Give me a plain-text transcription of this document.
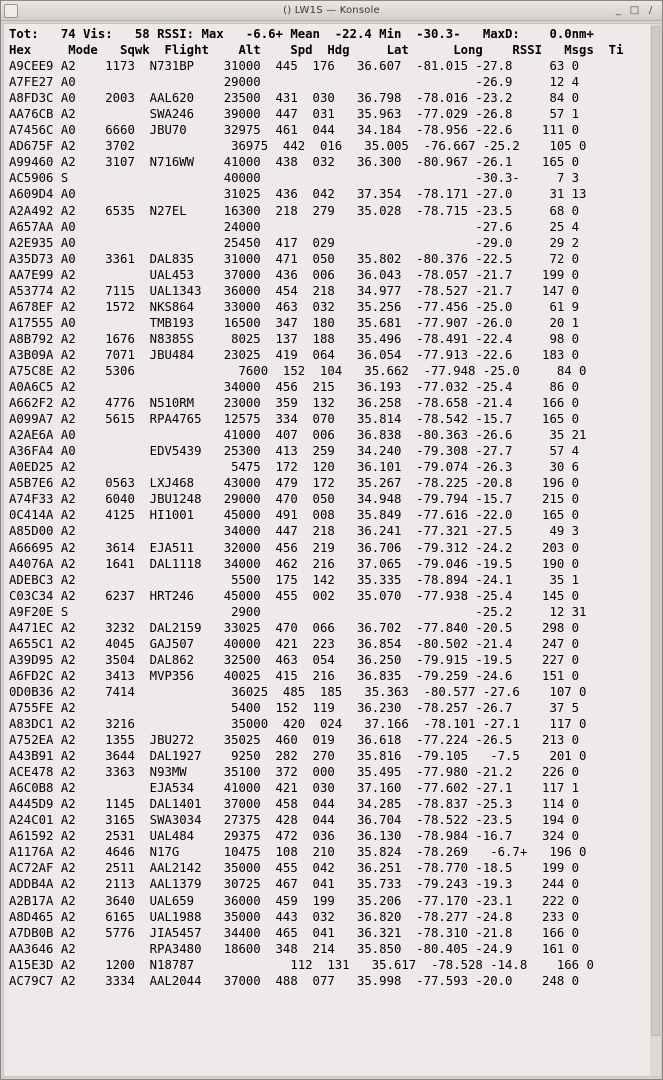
() LW1S — Konsole	_ □ /
Tot:   74 Vis:   58 RSSI: Max   -6.6+ Mean  -22.4 Min  -30.3-   MaxD:    0.0nm+
Hex     Mode   Sqwk  Flight    Alt    Spd  Hdg     Lat      Long    RSSI   Msgs  Ti
A9CEE9 A2    1173  N731BP    31000  445  176   36.607  -81.015 -27.8     63 0
A7FE27 A0                    29000                             -26.9     12 4
A8FD3C A0    2003  AAL620    23500  431  030   36.798  -78.016 -23.2     84 0
AA76CB A2          SWA246    39000  447  031   35.963  -77.029 -26.8     57 1
A7456C A0    6660  JBU70     32975  461  044   34.184  -78.956 -22.6    111 0
AD675F A2    3702             36975  442  016   35.005  -76.667 -25.2    105 0
A99460 A2    3107  N716WW    41000  438  032   36.300  -80.967 -26.1    165 0
AC5906 S                     40000                             -30.3-     7 3
A609D4 A0                    31025  436  042   37.354  -78.171 -27.0     31 13
A2A492 A2    6535  N27EL     16300  218  279   35.028  -78.715 -23.5     68 0
A657AA A0                    24000                             -27.6     25 4
A2E935 A0                    25450  417  029                   -29.0     29 2
A35D73 A0    3361  DAL835    31000  471  050   35.802  -80.376 -22.5     72 0
AA7E99 A2          UAL453    37000  436  006   36.043  -78.057 -21.7    199 0
A53774 A2    7115  UAL1343   36000  454  218   34.977  -78.527 -21.7    147 0
A678EF A2    1572  NKS864    33000  463  032   35.256  -77.456 -25.0     61 9
A17555 A0          TMB193    16500  347  180   35.681  -77.907 -26.0     20 1
A8B792 A2    1676  N8385S     8025  137  188   35.496  -78.491 -22.4     98 0
A3B09A A2    7071  JBU484    23025  419  064   36.054  -77.913 -22.6    183 0
A75C8E A2    5306              7600  152  104   35.662  -77.948 -25.0     84 0
A0A6C5 A2                    34000  456  215   36.193  -77.032 -25.4     86 0
A662F2 A2    4776  N510RM    23000  359  132   36.258  -78.658 -21.4    166 0
A099A7 A2    5615  RPA4765   12575  334  070   35.814  -78.542 -15.7    165 0
A2AE6A A0                    41000  407  006   36.838  -80.363 -26.6     35 21
A36FA4 A0          EDV5439   25300  413  259   34.240  -79.308 -27.7     57 4
A0ED25 A2                     5475  172  120   36.101  -79.074 -26.3     30 6
A5B7E6 A2    0563  LXJ468    43000  479  172   35.267  -78.225 -20.8    196 0
A74F33 A2    6040  JBU1248   29000  470  050   34.948  -79.794 -15.7    215 0
0C414A A2    4125  HI1001    45000  491  008   35.849  -77.616 -22.0    165 0
A85D00 A2                    34000  447  218   36.241  -77.321 -27.5     49 3
A66695 A2    3614  EJA511    32000  456  219   36.706  -79.312 -24.2    203 0
A4076A A2    1641  DAL1118   34000  462  216   37.065  -79.046 -19.5    190 0
ADEBC3 A2                     5500  175  142   35.335  -78.894 -24.1     35 1
C03C34 A2    6237  HRT246    45000  455  002   35.070  -77.938 -25.4    145 0
A9F20E S                      2900                             -25.2     12 31
A471EC A2    3232  DAL2159   33025  470  066   36.702  -77.840 -20.5    298 0
A655C1 A2    4045  GAJ507    40000  421  223   36.854  -80.502 -21.4    247 0
A39D95 A2    3504  DAL862    32500  463  054   36.250  -79.915 -19.5    227 0
A6FD2C A2    3413  MVP356    40025  415  216   36.835  -79.259 -24.6    151 0
0D0B36 A2    7414             36025  485  185   35.363  -80.577 -27.6    107 0
A755FE A2                     5400  152  119   36.230  -78.257 -26.7     37 5
A83DC1 A2    3216             35000  420  024   37.166  -78.101 -27.1    117 0
A752EA A2    1355  JBU272    35025  460  019   36.618  -77.224 -26.5    213 0
A43B91 A2    3644  DAL1927    9250  282  270   35.816  -79.105   -7.5    201 0
ACE478 A2    3363  N93MW     35100  372  000   35.495  -77.980 -21.2    226 0
A6C0B8 A2          EJA534    41000  421  030   37.160  -77.602 -27.1    117 1
A445D9 A2    1145  DAL1401   37000  458  044   34.285  -78.837 -25.3    114 0
A24C01 A2    3165  SWA3034   27375  428  044   36.704  -78.522 -23.5    194 0
A61592 A2    2531  UAL484    29375  472  036   36.130  -78.984 -16.7    324 0
A1176A A2    4646  N17G      10475  108  210   35.824  -78.269   -6.7+   196 0
AC72AF A2    2511  AAL2142   35000  455  042   36.251  -78.770 -18.5    199 0
ADDB4A A2    2113  AAL1379   30725  467  041   35.733  -79.243 -19.3    244 0
A2B17A A2    3640  UAL659    36000  459  199   35.206  -77.170 -23.1    222 0
A8D465 A2    6165  UAL1988   35000  443  032   36.820  -78.277 -24.8    233 0
A7DB0B A2    5776  JIA5457   34400  465  041   36.321  -78.310 -21.8    166 0
AA3646 A2          RPA3480   18600  348  214   35.850  -80.405 -24.9    161 0
A15E3D A2    1200  N18787             112  131   35.617  -78.528 -14.8    166 0
AC79C7 A2    3334  AAL2044   37000  488  077   35.998  -77.593 -20.0    248 0
